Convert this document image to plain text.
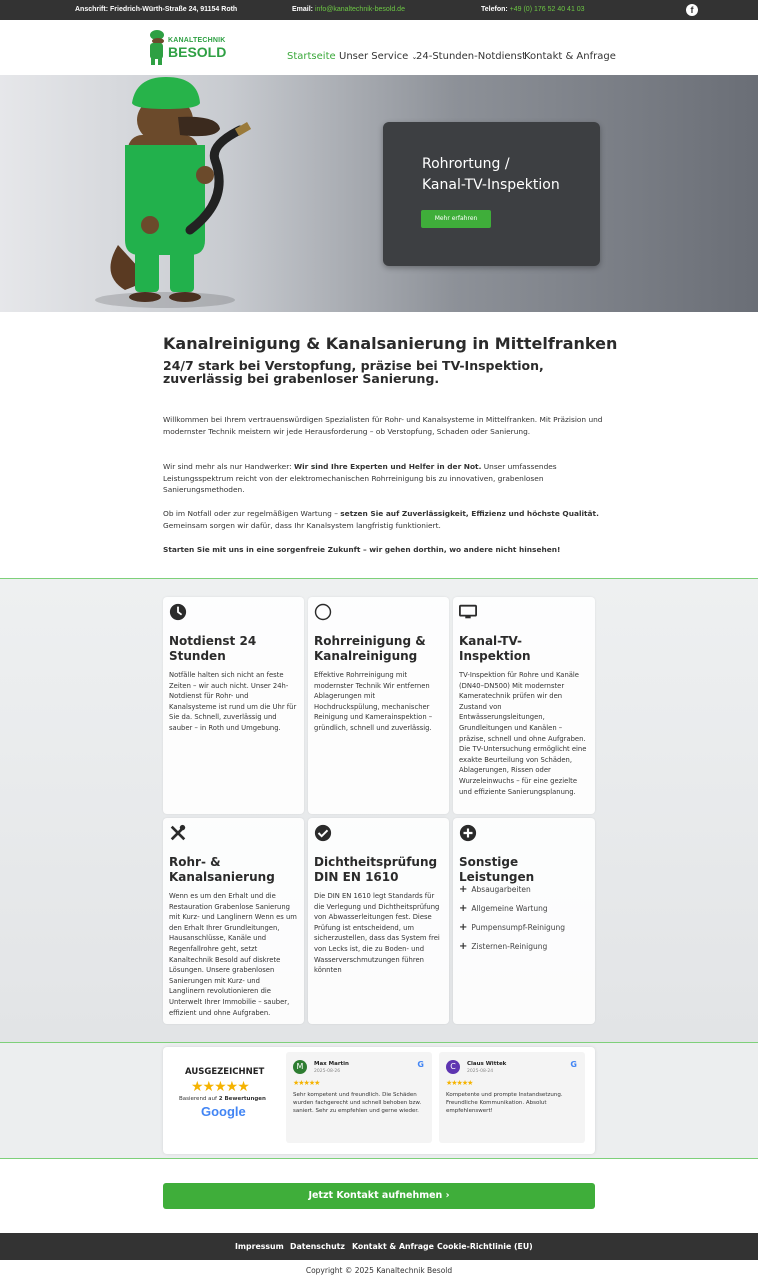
Anschrift: Friedrich-Würth-Straße 24, 91154 Roth	Email: info@kanaltechnik-besold.de	Telefon: +49 (0) 176 52 40 41 03	f
KANALTECHNIK
BESOLD	Startseite Unser Service ⌄
24-Stunden-Notdienst
Kontakt & Anfrage
Rohrortung /
Kanal-TV-Inspektion
Mehr erfahren
Kanalreinigung & Kanalsanierung in Mittelfranken
24/7 stark bei Verstopfung, präzise bei TV-Inspektion, zuverlässig bei grabenloser Sanierung.

Willkommen bei Ihrem vertrauenswürdigen Spezialisten für Rohr- und Kanalsysteme in Mittelfranken. Mit Präzision und modernster Technik meistern wir jede Herausforderung – ob Verstopfung, Schaden oder Sanierung.

Wir sind mehr als nur Handwerker: Wir sind Ihre Experten und Helfer in der Not. Unser umfassendes Leistungsspektrum reicht von der elektromechanischen Rohrreinigung bis zu innovativen, grabenlosen Sanierungsmethoden.

Ob im Notfall oder zur regelmäßigen Wartung – setzen Sie auf Zuverlässigkeit, Effizienz und höchste Qualität. Gemeinsam sorgen wir dafür, dass Ihr Kanalsystem langfristig funktioniert.

Starten Sie mit uns in eine sorgenfreie Zukunft – wir gehen dorthin, wo andere nicht hinsehen!

Notdienst 24 Stunden
Notfälle halten sich nicht an feste Zeiten – wir auch nicht. Unser 24h-Notdienst für Rohr- und Kanalsysteme ist rund um die Uhr für Sie da. Schnell, zuverlässig und sauber – in Roth und Umgebung.
Rohrreinigung & Kanalreinigung
Effektive Rohrreinigung mit modernster Technik Wir entfernen Ablagerungen mit Hochdruckspülung, mechanischer Reinigung und Kamerainspektion – gründlich, schnell und zuverlässig.
Kanal-TV-Inspektion
TV-Inspektion für Rohre und Kanäle (DN40–DN500) Mit modernster Kameratechnik prüfen wir den Zustand von Entwässerungsleitungen, Grundleitungen und Kanälen – präzise, schnell und ohne Aufgraben. Die TV-Untersuchung ermöglicht eine exakte Beurteilung von Schäden, Ablagerungen, Rissen oder Wurzeleinwuchs – für eine gezielte und effiziente Sanierungsplanung.
Rohr- & Kanalsanierung
Wenn es um den Erhalt und die Restauration Grabenlose Sanierung mit Kurz- und Langlinern Wenn es um den Erhalt Ihrer Grundleitungen, Hausanschlüsse, Kanäle und Regenfallrohre geht, setzt Kanaltechnik Besold auf diskrete Lösungen. Unsere grabenlosen Sanierungen mit Kurz- und Langlinern revolutionieren die Unterwelt Ihrer Immobilie – sauber, effizient und ohne Aufgraben.
Dichtheitsprüfung DIN EN 1610
Die DIN EN 1610 legt Standards für die Verlegung und Dichtheitsprüfung von Abwasserleitungen fest. Diese Prüfung ist entscheidend, um sicherzustellen, dass das System frei von Lecks ist, die zu Boden- und Wasserverschmutzungen führen könnten
Sonstige Leistungen
+ Absaugarbeiten
+ Allgemeine Wartung
+ Pumpensumpf-Reinigung
+ Zisternen-Reinigung
AUSGEZEICHNET
★★★★★
Basierend auf 2 Bewertungen
Google
M	Max Martin
2025-08-26
G
★★★★★
Sehr kompetent und freundlich. Die Schäden wurden fachgerecht und schnell behoben bzw. saniert. Sehr zu empfehlen und gerne wieder.
C	Claus Wittek
2025-08-24
G
★★★★★
Kompetente und prompte Instandsetzung. Freundliche Kommunikation. Absolut empfehlenswert!
Jetzt Kontakt aufnehmen ›
Impressum Datenschutz Kontakt & Anfrage Cookie-Richtlinie (EU)
Copyright © 2025 Kanaltechnik Besold
